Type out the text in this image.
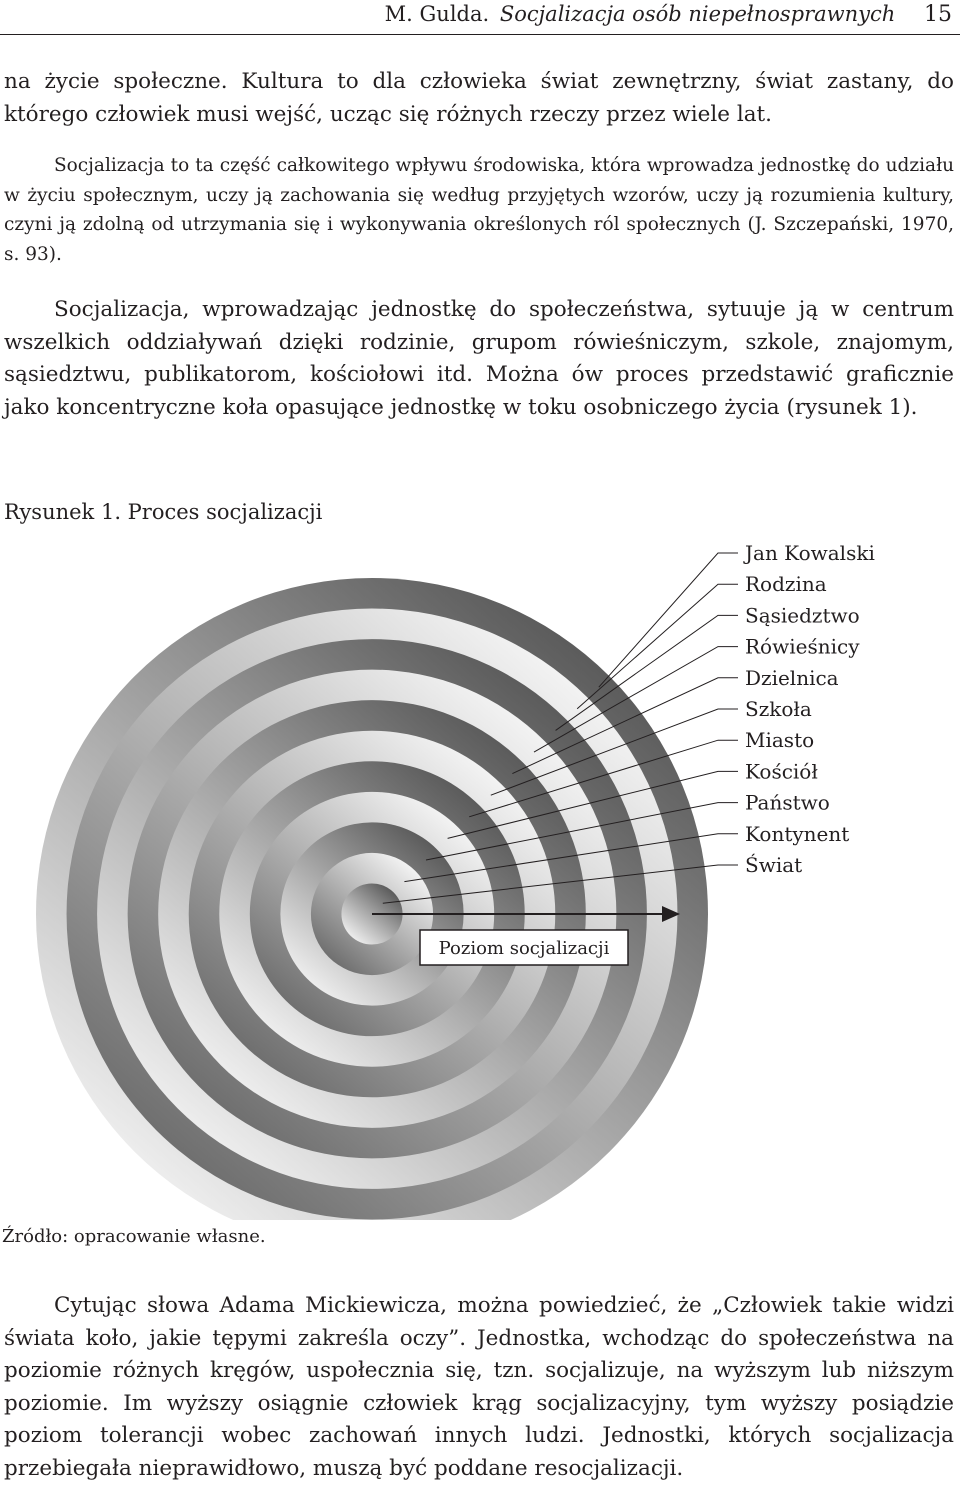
M. Gulda. Socjalizacja osób niepełnosprawnych 15

na życie społeczne. Kultura to dla człowieka świat zewnętrzny, świat zastany, do którego człowiek musi wejść, ucząc się różnych rzeczy przez wiele lat.

Socjalizacja to ta część całkowitego wpływu środowiska, która wprowadza jednostkę do udziału w życiu społecznym, uczy ją zachowania się według przyjętych wzorów, uczy ją rozumienia kultury, czyni ją zdolną od utrzymania się i wykonywania określonych ról społecznych (J. Szczepański, 1970, s. 93).

Socjalizacja, wprowadzając jednostkę do społeczeństwa, sytuuje ją w centrum wszelkich oddziaływań dzięki rodzinie, grupom rówieśniczym, szkole, znajomym, sąsiedztwu, publikatorom, kościołowi itd. Można ów proces przedstawić graficznie jako koncentryczne koła opasujące jednostkę w toku osobniczego życia (rysunek 1).

Rysunek 1. Proces socjalizacji

Jan Kowalski
Rodzina
Sąsiedztwo
Rówieśnicy
Dzielnica
Szkoła
Miasto
Kościół
Państwo
Kontynent
Świat
Poziom socjalizacji

Źródło: opracowanie własne.

Cytując słowa Adama Mickiewicza, można powiedzieć, że „Człowiek takie widzi świata koło, jakie tępymi zakreśla oczy”. Jednostka, wchodząc do społeczeństwa na poziomie różnych kręgów, uspołecznia się, tzn. socjalizuje, na wyższym lub niższym poziomie. Im wyższy osiągnie człowiek krąg socjalizacyjny, tym wyższy posiądzie poziom tolerancji wobec zachowań innych ludzi. Jednostki, których socjalizacja przebiegała nieprawidłowo, muszą być poddane resocjalizacji.
